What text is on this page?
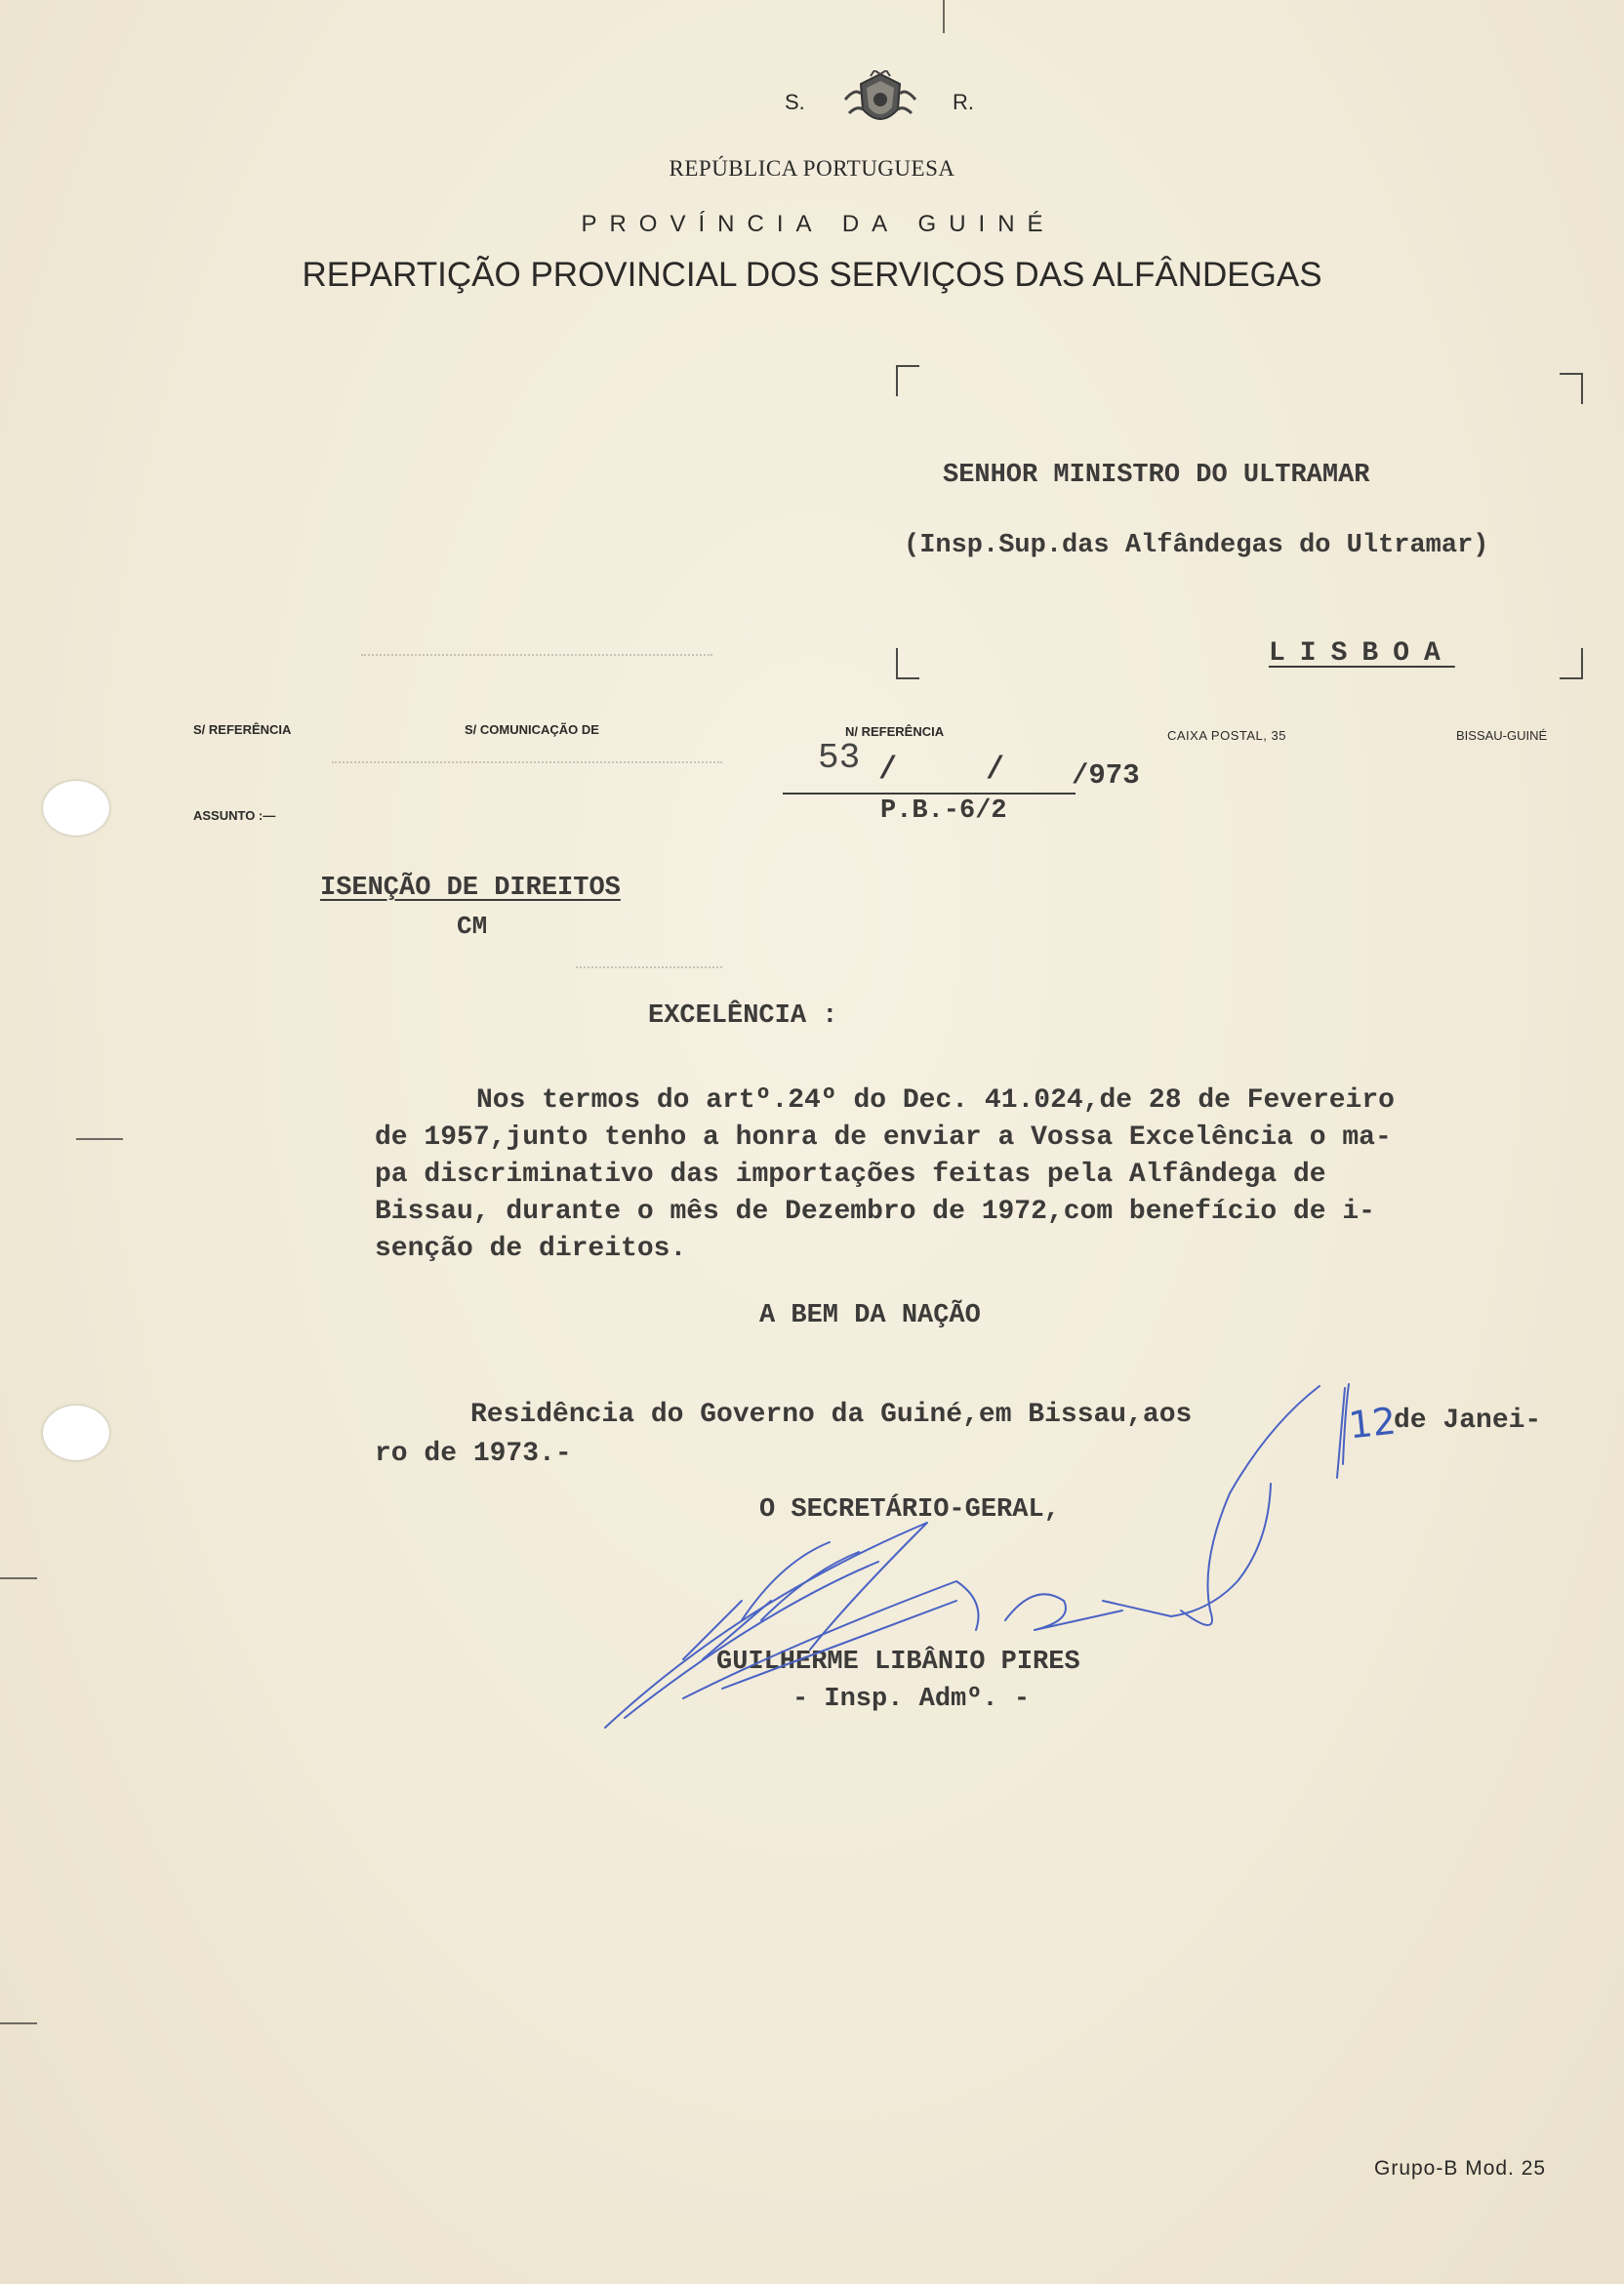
S.	R.

REPÚBLICA PORTUGUESA

PROVÍNCIA DA GUINÉ

REPARTIÇÃO PROVINCIAL DOS SERVIÇOS DAS ALFÂNDEGAS

SENHOR MINISTRO DO ULTRAMAR

(Insp.Sup.das Alfândegas do Ultramar)

LISBOA

S/ REFERÊNCIA	S/ COMUNICAÇÃO DE	N/ REFERÊNCIA	CAIXA POSTAL, 35	BISSAU-GUINÉ

ASSUNTO :—

53 /	/ /973

P.B.-6/2

ISENÇÃO DE DIREITOS

CM

EXCELÊNCIA :

Nos termos do artº.24º do Dec. 41.024,de 28 de Fevereiro

de 1957,junto tenho a honra de enviar a Vossa Excelência o ma-

pa discriminativo das importações feitas pela Alfândega de

Bissau, durante o mês de Dezembro de 1972,com benefício de i-

senção de direitos.

A BEM DA NAÇÃO

Residência do Governo da Guiné,em Bissau,aos	12

de Janei-

ro de 1973.-

O SECRETÁRIO-GERAL,

GUILHERME LIBÂNIO PIRES

- Insp. Admº. -

Grupo-B Mod. 25
